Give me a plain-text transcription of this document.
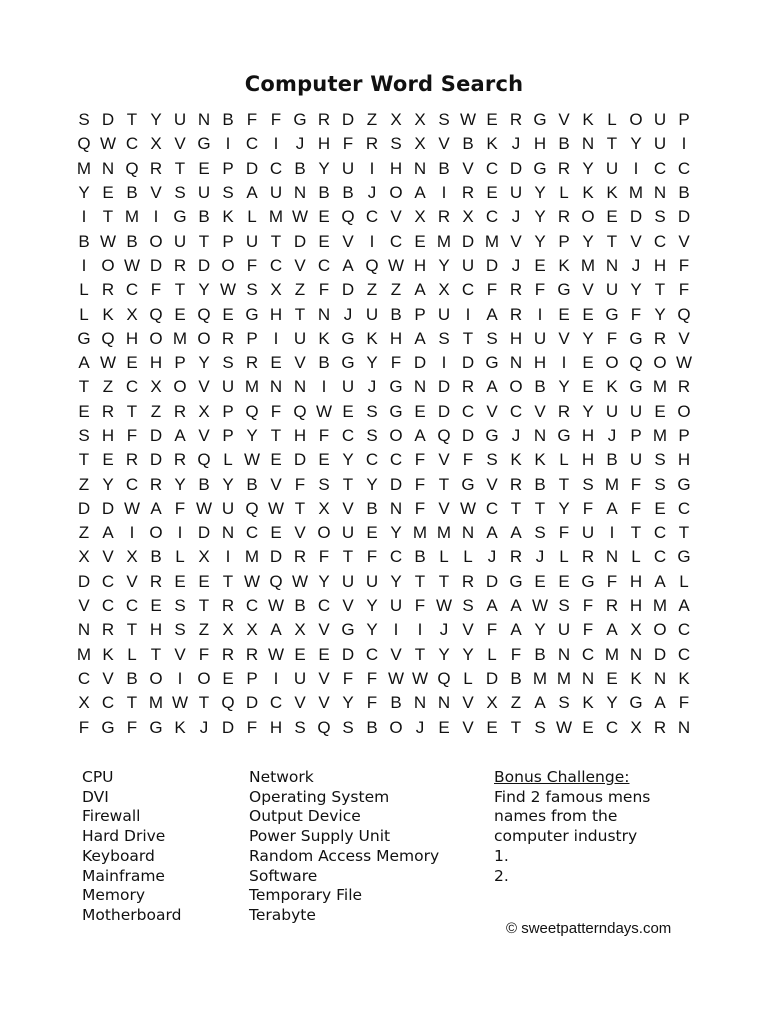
Computer Word Search
S D T Y U N B F F G R D Z X X S W E R G V K L O U P
Q W C X V G I C I	J H F R S X V B K J H B N T Y U I
M N Q R T E P D C B Y U I H N B V C D G R Y U I C C
Y E B V S U S A U N B B J O A I R E U Y L K K M N B
I T M I G B K L M W E Q C V X R X C J Y R O E D S D
B W B O U T P U T D E V I C E M D M V Y P Y T V C V
I O W D R D O F C V C A Q W H Y U D J E K M N J H F
L R C F T Y W S X Z F D Z Z A X C F R F G V U Y T F
L K X Q E Q E G H T N J U B P U I A R I E E G F Y Q
G Q H O M O R P I U K G K H A S T S H U V Y F G R V
A W E H P Y S R E V B G Y F D I D G N H I E O Q O W
T Z C X O V U M N N I U J G N D R A O B Y E K G M R
E R T Z R X P Q F Q W E S G E D C V C V R Y U U E O
S H F D A V P Y T H F C S O A Q D G J N G H J P M P
T E R D R Q L W E D E Y C C F V F S K K L H B U S H
Z Y C R Y B Y B V F S T Y D F T G V R B T S M F S G
D D W A F W U Q W T X V B N F V W C T T Y F A F E C
Z A I O I D N C E V O U E Y M M N A A S F U I T C T
X V X B L X I M D R F T F C B L L J R J L R N L C G
D C V R E E T W Q W Y U U Y T T R D G E E G F H A L
V C C E S T R C W B C V Y U F W S A A W S F R H M A
N R T H S Z X X A X V G Y I	I	J V F A Y U F A X O C
M K L T V F R R W E E D C V T Y Y L F B N C M N D C
C V B O I O E P I U V F F W W Q L D B M M N E K N K
X C T M W T Q D C V V Y F B N N V X Z A S K Y G A F
F G F G K J D F H S Q S B O J E V E T S W E C X R N
CPU
DVI
Firewall
Hard Drive
Keyboard
Mainframe
Memory
Motherboard
Network
Operating System
Output Device
Power Supply Unit
Random Access Memory
Software
Temporary File
Terabyte
Bonus Challenge:
Find 2 famous mens
names from the
computer industry
1.
2.
© sweetpatterndays.com
